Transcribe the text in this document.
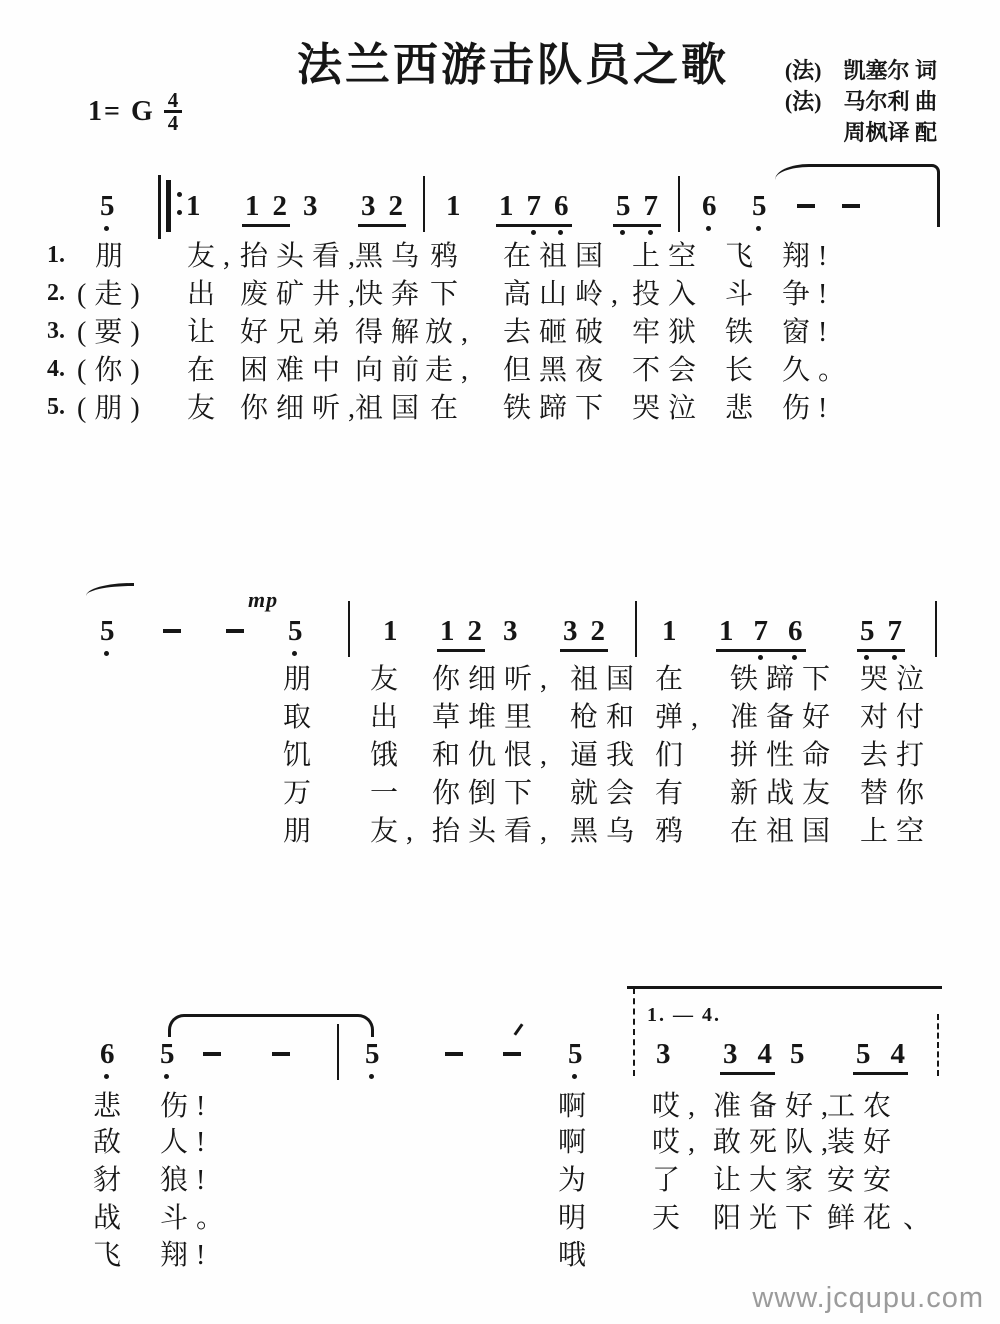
法兰西游击队员之歌	(法)　凯塞尔 词
(法)　马尔利 曲
周枫译 配
1= G $\frac{4}{4}$
www.jcqupu.com
5 1 1 2 3 3 2 1 1 7 6 5 7 6 5
5
mp
5	1 1 2 3 3 2 1 1 7 6 5 7
6 5	5	5
1. — 4.
3 3 4 5 5 4
1. 朋 友, 抬头看,
黑乌 鸦 在祖国 上空 飞 翔!
2. (走) 出 废矿井,
快奔 下 高山岭, 投入 斗 争!
3. (要) 让 好兄弟 得解
放, 去砸破 牢狱 铁 窗!
4. (你) 在 困难中 向前
走, 但黑夜 不会 长 久。
5. (朋) 友 你细听,
祖国 在 铁蹄下 哭泣 悲 伤!
朋 友 你细听, 祖国 在 铁蹄下 哭泣
取 出 草堆里 枪和 弹, 准备好 对付
饥 饿 和仇恨, 逼我 们 拼性命 去打
万 一 你倒下 就会 有 新战友 替你
朋 友, 抬头看, 黑乌 鸦 在祖国 上空
悲 伤!	啊 哎, 准备好,
工农
敌 人!	啊 哎, 敢死队,
装好
豺 狼!	为 了 让大家 安安
战 斗。	明 天 阳光下 鲜花 、
飞 翔!	哦
